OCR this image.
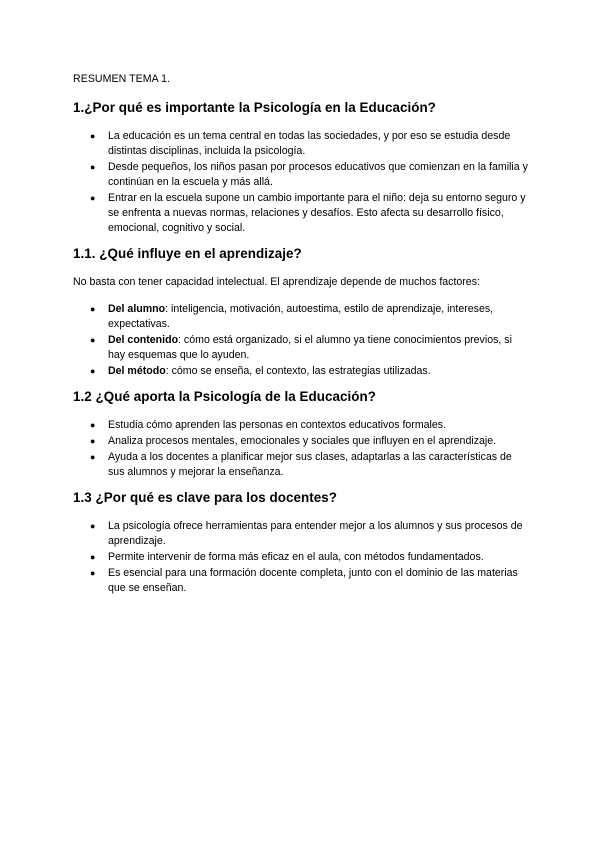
RESUMEN TEMA 1.
1.¿Por qué es importante la Psicología en la Educación?
● La educación es un tema central en todas las sociedades, y por eso se estudia desde distintas disciplinas, incluida la psicología.
● Desde pequeños, los niños pasan por procesos educativos que comienzan en la familia y continúan en la escuela y más allá.
● Entrar en la escuela supone un cambio importante para el niño: deja su entorno seguro y se enfrenta a nuevas normas, relaciones y desafíos. Esto afecta su desarrollo físico, emocional, cognitivo y social.
1.1. ¿Qué influye en el aprendizaje?

No basta con tener capacidad intelectual. El aprendizaje depende de muchos factores:

● Del alumno: inteligencia, motivación, autoestima, estilo de aprendizaje, intereses, expectativas.
● Del contenido: cómo está organizado, si el alumno ya tiene conocimientos previos, si hay esquemas que lo ayuden.
● Del método: cómo se enseña, el contexto, las estrategias utilizadas.
1.2 ¿Qué aporta la Psicología de la Educación?
● Estudia cómo aprenden las personas en contextos educativos formales.
● Analiza procesos mentales, emocionales y sociales que influyen en el aprendizaje.
● Ayuda a los docentes a planificar mejor sus clases, adaptarlas a las características de sus alumnos y mejorar la enseñanza.
1.3 ¿Por qué es clave para los docentes?
● La psicología ofrece herramientas para entender mejor a los alumnos y sus procesos de aprendizaje.
● Permite intervenir de forma más eficaz en el aula, con métodos fundamentados.
● Es esencial para una formación docente completa, junto con el dominio de las materias que se enseñan.
